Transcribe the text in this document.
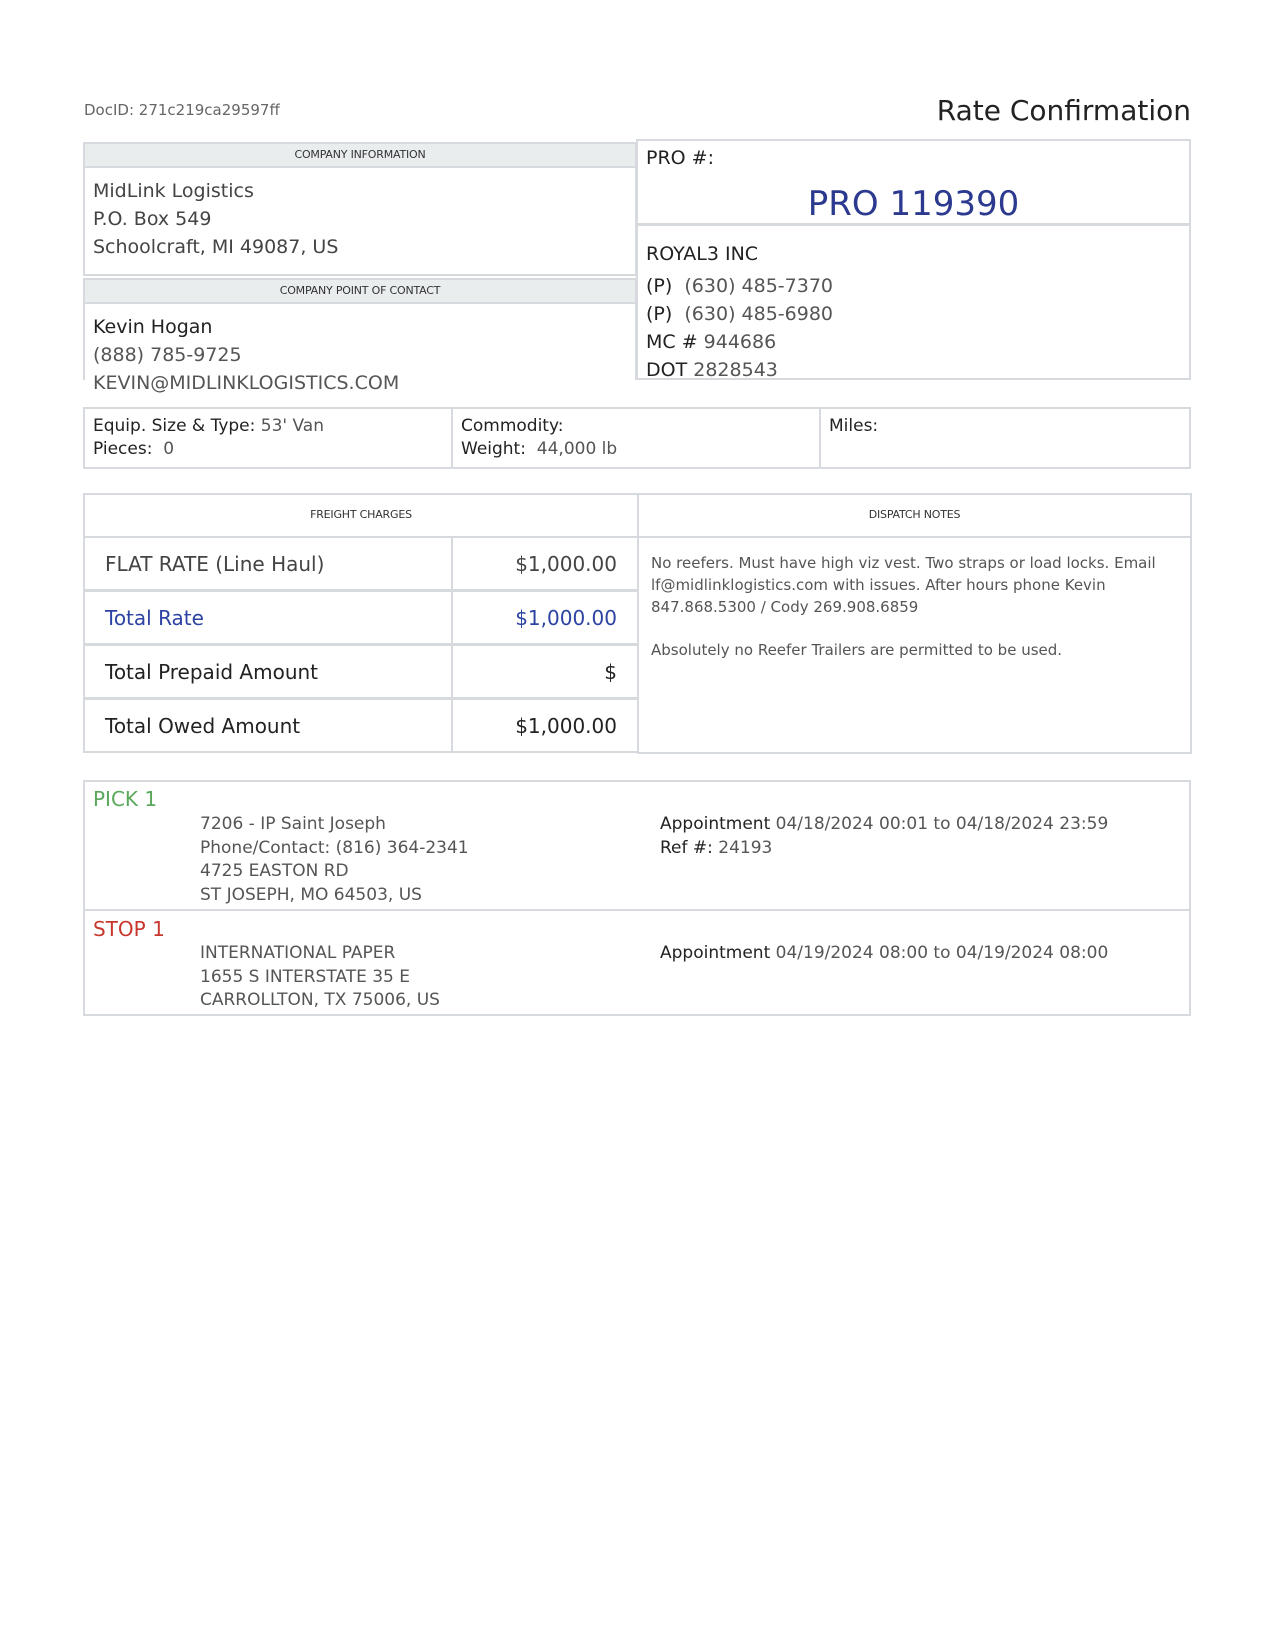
DocID: 271c219ca29597ff	Rate Confirmation
COMPANY INFORMATION
MidLink Logistics
P.O. Box 549
Schoolcraft, MI 49087, US
COMPANY POINT OF CONTACT
Kevin Hogan
(888) 785-9725
KEVIN@MIDLINKLOGISTICS.COM
PRO #:
PRO 119390
ROYAL3 INC
(P) (630) 485-7370
(P) (630) 485-6980
MC # 944686
DOT 2828543
Equip. Size & Type: 53' Van
Pieces: 0
Commodity:
Weight: 44,000 lb
Miles:
FREIGHT CHARGES	DISPATCH NOTES
FLAT RATE (Line Haul)	$1,000.00
Total Rate	$1,000.00
Total Prepaid Amount	$
Total Owed Amount	$1,000.00

No reefers. Must have high viz vest. Two straps or load locks. Email lf@midlinklogistics.com with issues. After hours phone Kevin 847.868.5300 / Cody 269.908.6859

Absolutely no Reefer Trailers are permitted to be used.

PICK 1
7206 - IP Saint Joseph
Phone/Contact: (816) 364-2341
4725 EASTON RD
ST JOSEPH, MO 64503, US
Appointment 04/18/2024 00:01 to 04/18/2024 23:59
Ref #: 24193
STOP 1
INTERNATIONAL PAPER
1655 S INTERSTATE 35 E
CARROLLTON, TX 75006, US
Appointment 04/19/2024 08:00 to 04/19/2024 08:00
